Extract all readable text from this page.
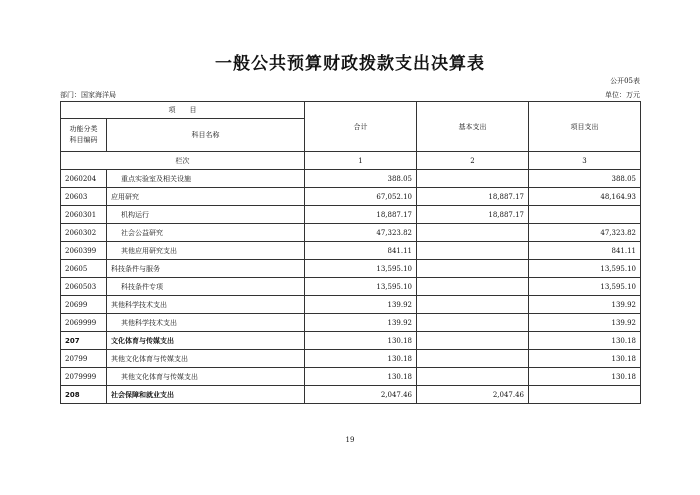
一般公共预算财政拨款支出决算表
公开05表
部门：国家海洋局	单位：万元
项　　目		合计	基本支出	项目支出
功能分类
科目编码	科目名称			
栏次		1	2	3
2060204	重点实验室及相关设施	388.05		388.05
20603	应用研究	67,052.10	18,887.17	48,164.93
2060301	机构运行	18,887.17	18,887.17	
2060302	社会公益研究	47,323.82		47,323.82
2060399	其他应用研究支出	841.11		841.11
20605	科技条件与服务	13,595.10		13,595.10
2060503	科技条件专项	13,595.10		13,595.10
20699	其他科学技术支出	139.92		139.92
2069999	其他科学技术支出	139.92		139.92
207	文化体育与传媒支出	130.18		130.18
20799	其他文化体育与传媒支出	130.18		130.18
2079999	其他文化体育与传媒支出	130.18		130.18
208	社会保障和就业支出	2,047.46	2,047.46	
19
